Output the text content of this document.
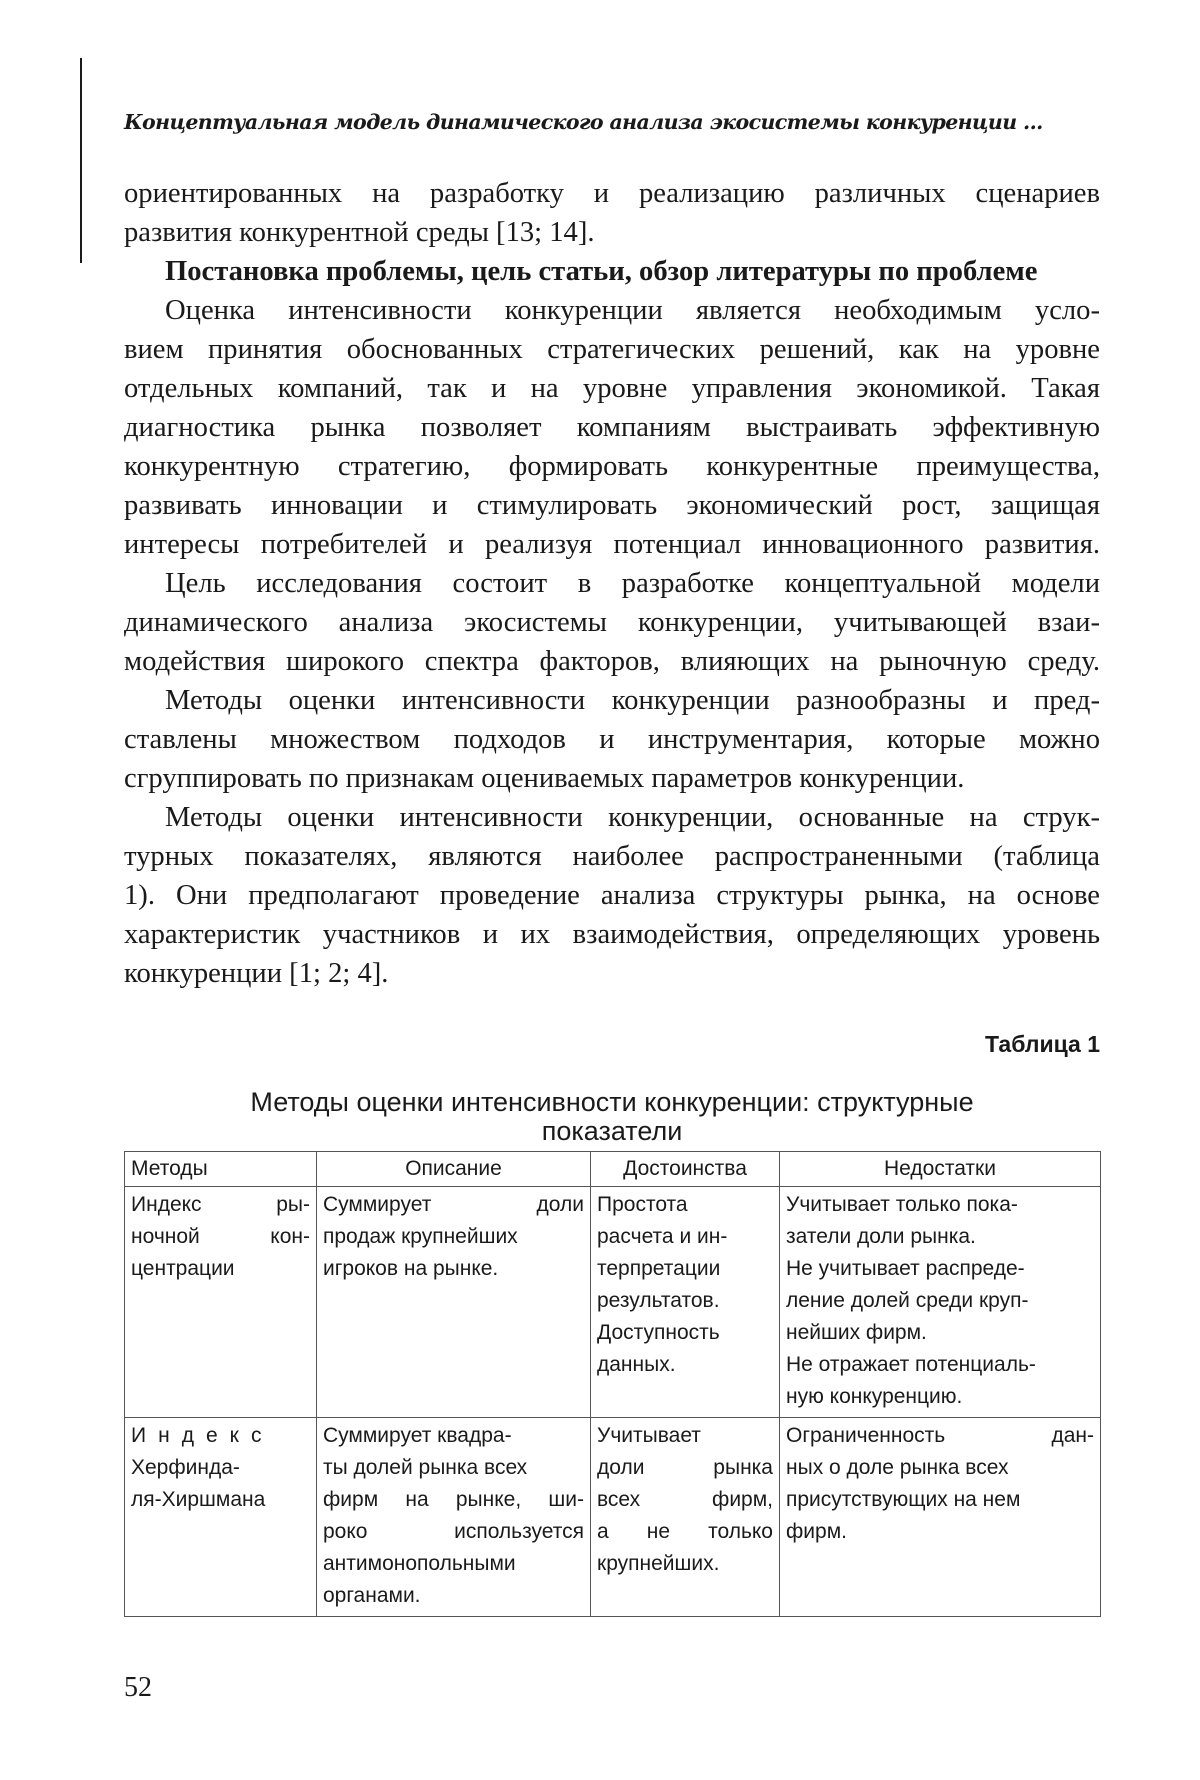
Концептуальная модель динамического анализа экосистемы конкуренции ...
ориентированных на разработку и реализацию различных сценариев
развития конкурентной среды [13; 14].
Постановка проблемы, цель статьи, обзор литературы по проблеме
Оценка интенсивности конкуренции является необходимым усло-
вием принятия обоснованных стратегических решений, как на уровне
отдельных компаний, так и на уровне управления экономикой. Такая
диагностика рынка позволяет компаниям выстраивать эффективную
конкурентную стратегию, формировать конкурентные преимущества,
развивать инновации и стимулировать экономический рост, защищая
интересы потребителей и реализуя потенциал инновационного развития.
Цель исследования состоит в разработке концептуальной модели
динамического анализа экосистемы конкуренции, учитывающей взаи-
модействия широкого спектра факторов, влияющих на рыночную среду.
Методы оценки интенсивности конкуренции разнообразны и пред-
ставлены множеством подходов и инструментария, которые можно
сгруппировать по признакам оцениваемых параметров конкуренции.
Методы оценки интенсивности конкуренции, основанные на струк-
турных показателях, являются наиболее распространенными (таблица
1). Они предполагают проведение анализа структуры рынка, на основе
характеристик участников и их взаимодействия, определяющих уровень
конкуренции [1; 2; 4].
Таблица 1
Методы оценки интенсивности конкуренции: структурные
показатели
Методы	Описание	Достоинства	Недостатки

Индекс ры-
ночной кон-
центрации

Суммирует доли
продаж крупнейших
игроков на рынке.

Простота
расчета и ин-
терпретации
результатов.
Доступность
данных.

Учитывает только пока-
затели доли рынка.
Не учитывает распреде-
ление долей среди круп-
нейших фирм.
Не отражает потенциаль-
ную конкуренцию.

Индекс
Херфинда-
ля-Хиршмана

Суммирует квадра-
ты долей рынка всех
фирм на рынке, ши-
роко используется
антимонопольными
органами.

Учитывает
доли рынка
всех фирм,
а не только
крупнейших.

Ограниченность дан-
ных о доле рынка всех
присутствующих на нем
фирм.
52
